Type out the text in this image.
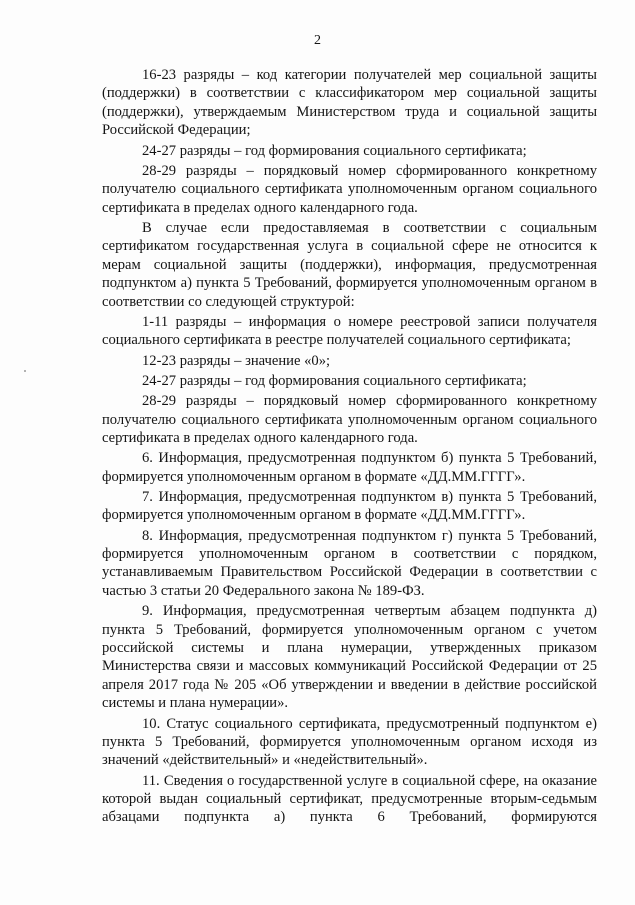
2

16-23 разряды – код категории получателей мер социальной защиты (поддержки) в соответствии с классификатором мер социальной защиты (поддержки), утверждаемым Министерством труда и социальной защиты Российской Федерации;

24-27 разряды – год формирования социального сертификата;

28-29 разряды – порядковый номер сформированного конкретному получателю социального сертификата уполномоченным органом социального сертификата в пределах одного календарного года.

В случае если предоставляемая в соответствии с социальным сертификатом государственная услуга в социальной сфере не относится к мерам социальной защиты (поддержки), информация, предусмотренная подпунктом а) пункта 5 Требований, формируется уполномоченным органом в соответствии со следующей структурой:

1-11 разряды – информация о номере реестровой записи получателя социального сертификата в реестре получателей социального сертификата;

12-23 разряды – значение «0»;

24-27 разряды – год формирования социального сертификата;

28-29 разряды – порядковый номер сформированного конкретному получателю социального сертификата уполномоченным органом социального сертификата в пределах одного календарного года.

6. Информация, предусмотренная подпунктом б) пункта 5 Требований, формируется уполномоченным органом в формате «ДД.ММ.ГГГГ».

7. Информация, предусмотренная подпунктом в) пункта 5 Требований, формируется уполномоченным органом в формате «ДД.ММ.ГГГГ».

8. Информация, предусмотренная подпунктом г) пункта 5 Требований, формируется уполномоченным органом в соответствии с порядком, устанавливаемым Правительством Российской Федерации в соответствии с частью 3 статьи 20 Федерального закона № 189-ФЗ.

9. Информация, предусмотренная четвертым абзацем подпункта д) пункта 5 Требований, формируется уполномоченным органом с учетом российской системы и плана нумерации, утвержденных приказом Министерства связи и массовых коммуникаций Российской Федерации от 25 апреля 2017 года № 205 «Об утверждении и введении в действие российской системы и плана нумерации».

10. Статус социального сертификата, предусмотренный подпунктом е) пункта 5 Требований, формируется уполномоченным органом исходя из значений «действительный» и «недействительный».

11. Сведения о государственной услуге в социальной сфере, на оказание которой выдан социальный сертификат, предусмотренные вторым-седьмым абзацами подпункта а) пункта 6 Требований, формируются
